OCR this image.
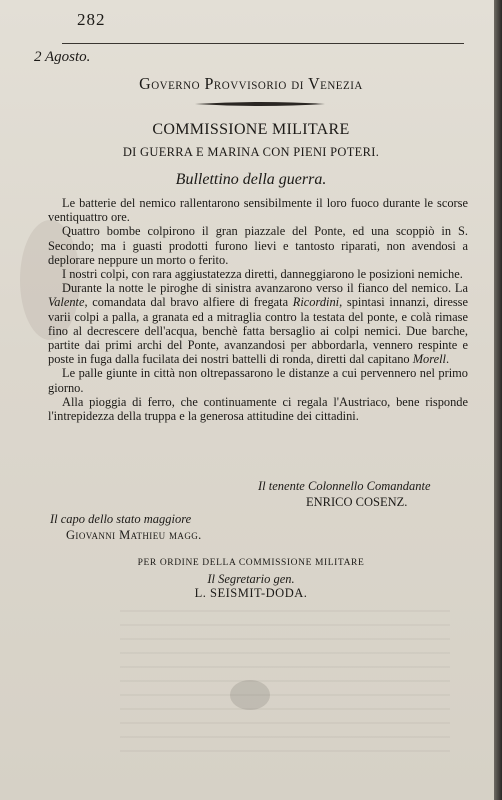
282
2 Agosto.
Governo Provvisorio di Venezia
COMMISSIONE MILITARE
DI GUERRA E MARINA CON PIENI POTERI.
Bullettino della guerra.

Le batterie del nemico rallentarono sensibilmente il loro fuoco durante le scorse ventiquattro ore.

Quattro bombe colpirono il gran piazzale del Ponte, ed una scoppiò in S. Secondo; ma i guasti prodotti furono lievi e tantosto riparati, non avendosi a deplorare neppure un morto o ferito.

I nostri colpi, con rara aggiustatezza diretti, danneggiarono le posizioni nemiche.

Durante la notte le piroghe di sinistra avanzarono verso il fianco del nemico. La Valente, comandata dal bravo alfiere di fregata Ricordini, spintasi innanzi, diresse varii colpi a palla, a granata ed a mitraglia contro la testata del ponte, e colà rimase fino al decrescere dell'acqua, benchè fatta bersaglio ai colpi nemici. Due barche, partite dai primi archi del Ponte, avanzandosi per abbordarla, vennero respinte e poste in fuga dalla fucilata dei nostri battelli di ronda, diretti dal capitano Morell.

Le palle giunte in città non oltrepassarono le distanze a cui pervennero nel primo giorno.

Alla pioggia di ferro, che continuamente ci regala l'Austriaco, bene risponde l'intrepidezza della truppa e la generosa attitudine dei cittadini.

Il tenente Colonnello Comandante
ENRICO COSENZ.
Il capo dello stato maggiore
Giovanni Mathieu magg.
PER ORDINE DELLA COMMISSIONE MILITARE
Il Segretario gen.
L. SEISMIT-DODA.
